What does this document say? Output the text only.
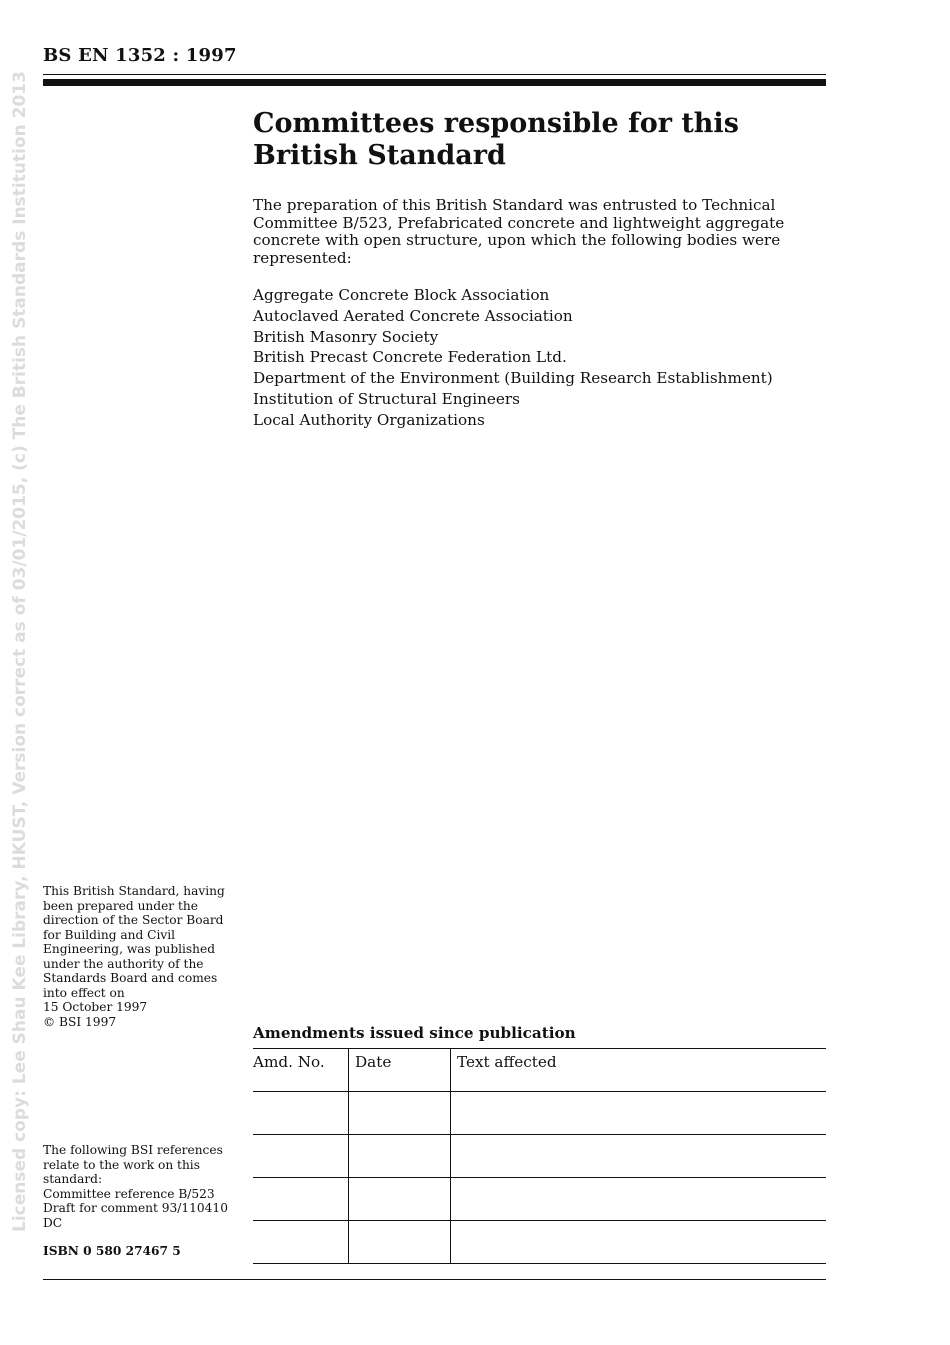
BS EN 1352 : 1997
Licensed copy: Lee Shau Kee Library, HKUST, Version correct as of 03/01/2015, (c) The British Standards Institution 2013	Committees responsible for this
British Standard

The preparation of this British Standard was entrusted to Technical Committee B/523, Prefabricated concrete and lightweight aggregate concrete with open structure, upon which the following bodies were represented:

Aggregate Concrete Block Association
Autoclaved Aerated Concrete Association
British Masonry Society
British Precast Concrete Federation Ltd.
Department of the Environment (Building Research Establishment)
Institution of Structural Engineers
Local Authority Organizations

This British Standard, having been prepared under the direction of the Sector Board for Building and Civil Engineering, was published under the authority of the Standards Board and comes into effect on
15 October 1997

© BSI 1997

The following BSI references relate to the work on this standard:
Committee reference B/523
Draft for comment 93/110410 DC

ISBN 0 580 27467 5

Amendments issued since publication

Amd. No.	Date	Text affected
